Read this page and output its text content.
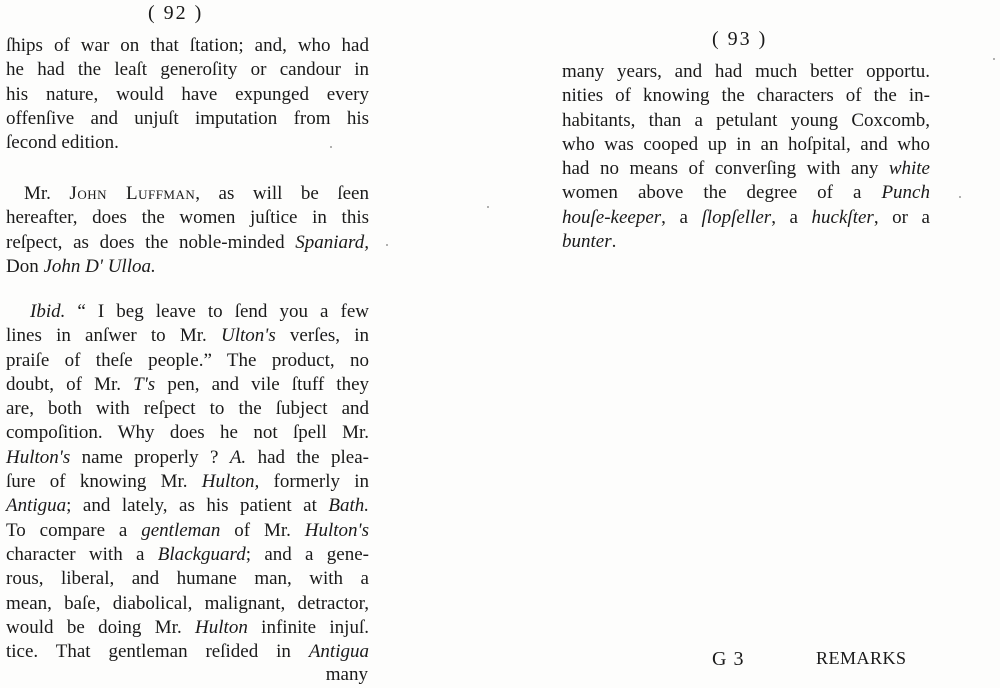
( 92 )
ſhips of war on that ſtation; and, who had
he had the leaſt generoſity or candour in
his nature, would have expunged every
offenſive and unjuſt imputation from his
ſecond edition.
Mr. John Luffman, as will be ſeen
hereafter, does the women juſtice in this
reſpect, as does the noble-minded Spaniard,
Don John D' Ulloa.
Ibid. “ I beg leave to ſend you a few
lines in anſwer to Mr. Ulton's verſes, in
praiſe of theſe people.” The product, no
doubt, of Mr. T's pen, and vile ſtuff they
are, both with reſpect to the ſubject and
compoſition. Why does he not ſpell Mr.
Hulton's name properly ? A. had the plea-
ſure of knowing Mr. Hulton, formerly in
Antigua; and lately, as his patient at Bath.
To compare a gentleman of Mr. Hulton's
character with a Blackguard; and a gene-
rous, liberal, and humane man, with a
mean, baſe, diabolical, malignant, detractor,
would be doing Mr. Hulton infinite injuſ.
tice. That gentleman reſided in Antigua
many
( 93 )
many years, and had much better opportu.
nities of knowing the characters of the in-
habitants, than a petulant young Coxcomb,
who was cooped up in an hoſpital, and who
had no means of converſing with any white
women above the degree of a Punch
houſe-keeper, a ſlopſeller, a huckſter, or a
bunter.
G 3	REMARKS
